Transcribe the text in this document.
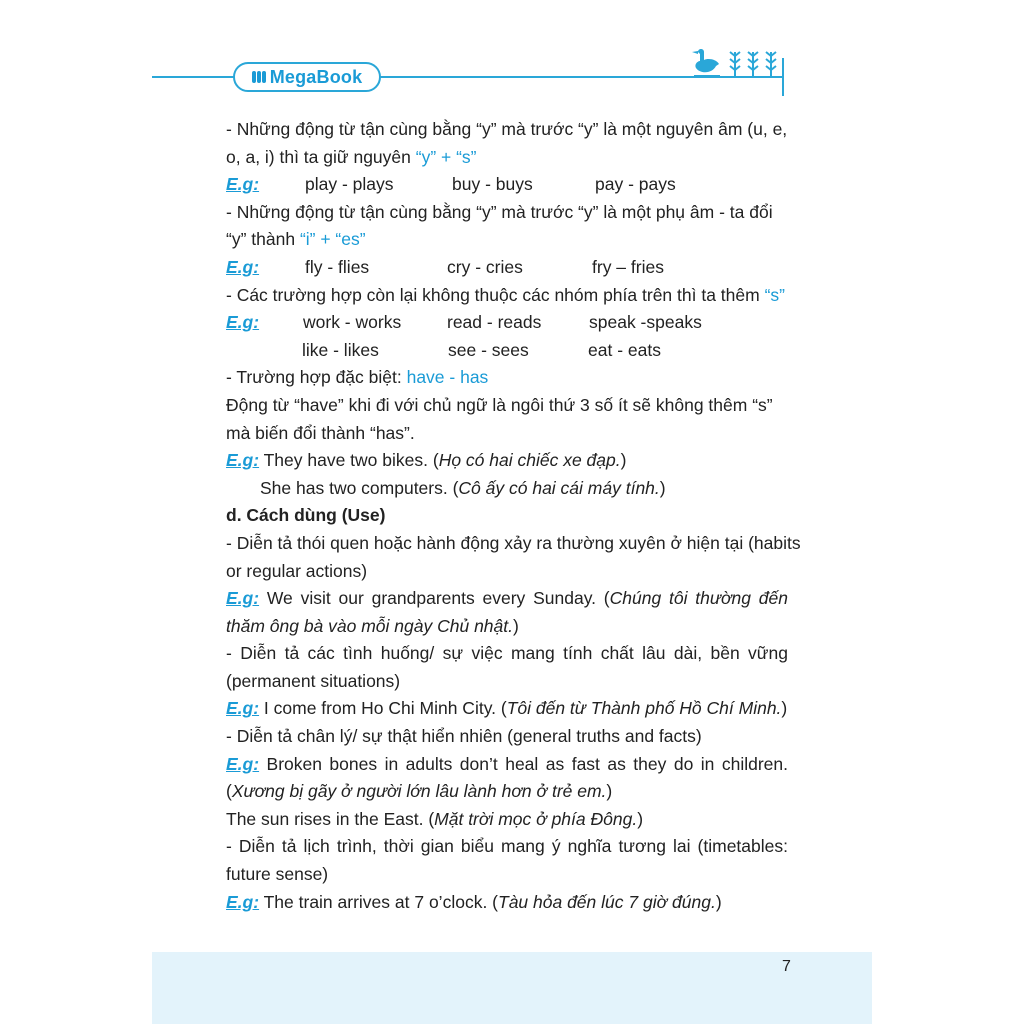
MegaBook
- Những động từ tận cùng bằng “y” mà trước “y” là một nguyên âm (u, e,
o, a, i) thì ta giữ nguyên “y” + “s”
E.g:	play - plays	buy - buys	pay - pays
- Những động từ tận cùng bằng “y” mà trước “y” là một phụ âm - ta đổi
“y” thành “i” + “es”
E.g:	fly - flies	cry - cries	fry – fries
- Các trường hợp còn lại không thuộc các nhóm phía trên thì ta thêm “s”
E.g:	work - works	read - reads	speak -speaks
like - likes	see - sees	eat - eats
- Trường hợp đặc biệt: have - has
Động từ “have” khi đi với chủ ngữ là ngôi thứ 3 số ít sẽ không thêm “s”
mà biến đổi thành “has”.
E.g: They have two bikes. (Họ có hai chiếc xe đạp.)
She has two computers. (Cô ấy có hai cái máy tính.)
d. Cách dùng (Use)
- Diễn tả thói quen hoặc hành động xảy ra thường xuyên ở hiện tại (habits
or regular actions)
E.g: We visit our grandparents every Sunday. (Chúng tôi thường đến
thăm ông bà vào mỗi ngày Chủ nhật.)
- Diễn tả các tình huống/ sự việc mang tính chất lâu dài, bền vững
(permanent situations)
E.g: I come from Ho Chi Minh City. (Tôi đến từ Thành phố Hồ Chí Minh.)
- Diễn tả chân lý/ sự thật hiển nhiên (general truths and facts)
E.g: Broken bones in adults don’t heal as fast as they do in children.
(Xương bị gãy ở người lớn lâu lành hơn ở trẻ em.)
The sun rises in the East. (Mặt trời mọc ở phía Đông.)
- Diễn tả lịch trình, thời gian biểu mang ý nghĩa tương lai (timetables:
future sense)
E.g: The train arrives at 7 o’clock. (Tàu hỏa đến lúc 7 giờ đúng.)
7
